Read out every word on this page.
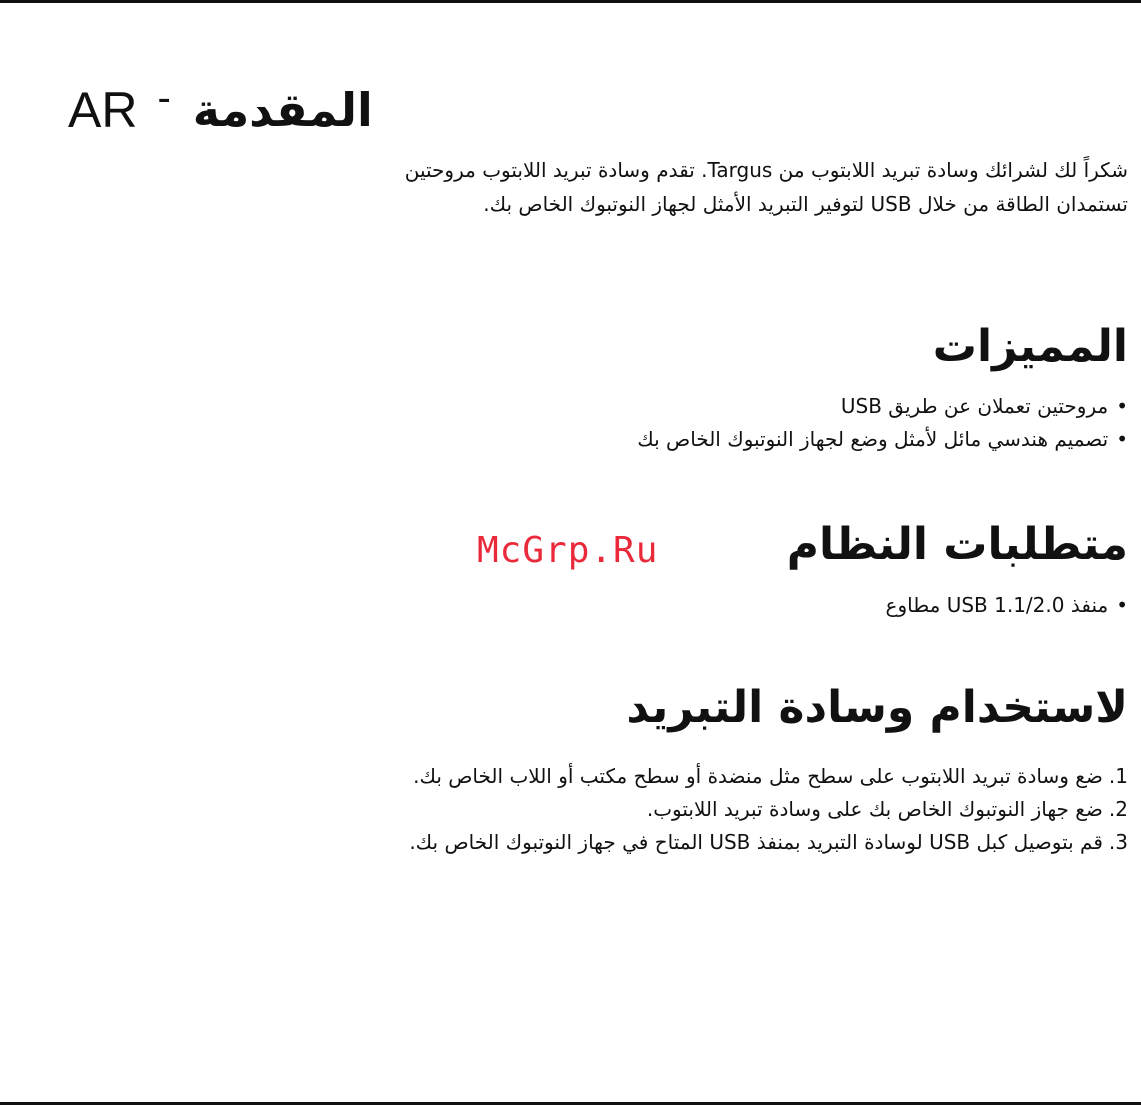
AR - المقدمة
شكراً لك لشرائك وسادة تبريد اللابتوب من Targus. تقدم وسادة تبريد اللابتوب مروحتين
تستمدان الطاقة من خلال USB لتوفير التبريد الأمثل لجهاز النوتبوك الخاص بك.
المميزات
•مروحتين تعملان عن طريق USB
•تصميم هندسي مائل لأمثل وضع لجهاز النوتبوك الخاص بك
متطلبات النظام
•منفذ USB 1.1/2.0 مطاوع
McGrp.Ru
لاستخدام وسادة التبريد
1.ضع وسادة تبريد اللابتوب على سطح مثل منضدة أو سطح مكتب أو اللاب الخاص بك.
2.ضع جهاز النوتبوك الخاص بك على وسادة تبريد اللابتوب.
3.قم بتوصيل كبل USB لوسادة التبريد بمنفذ USB المتاح في جهاز النوتبوك الخاص بك.
